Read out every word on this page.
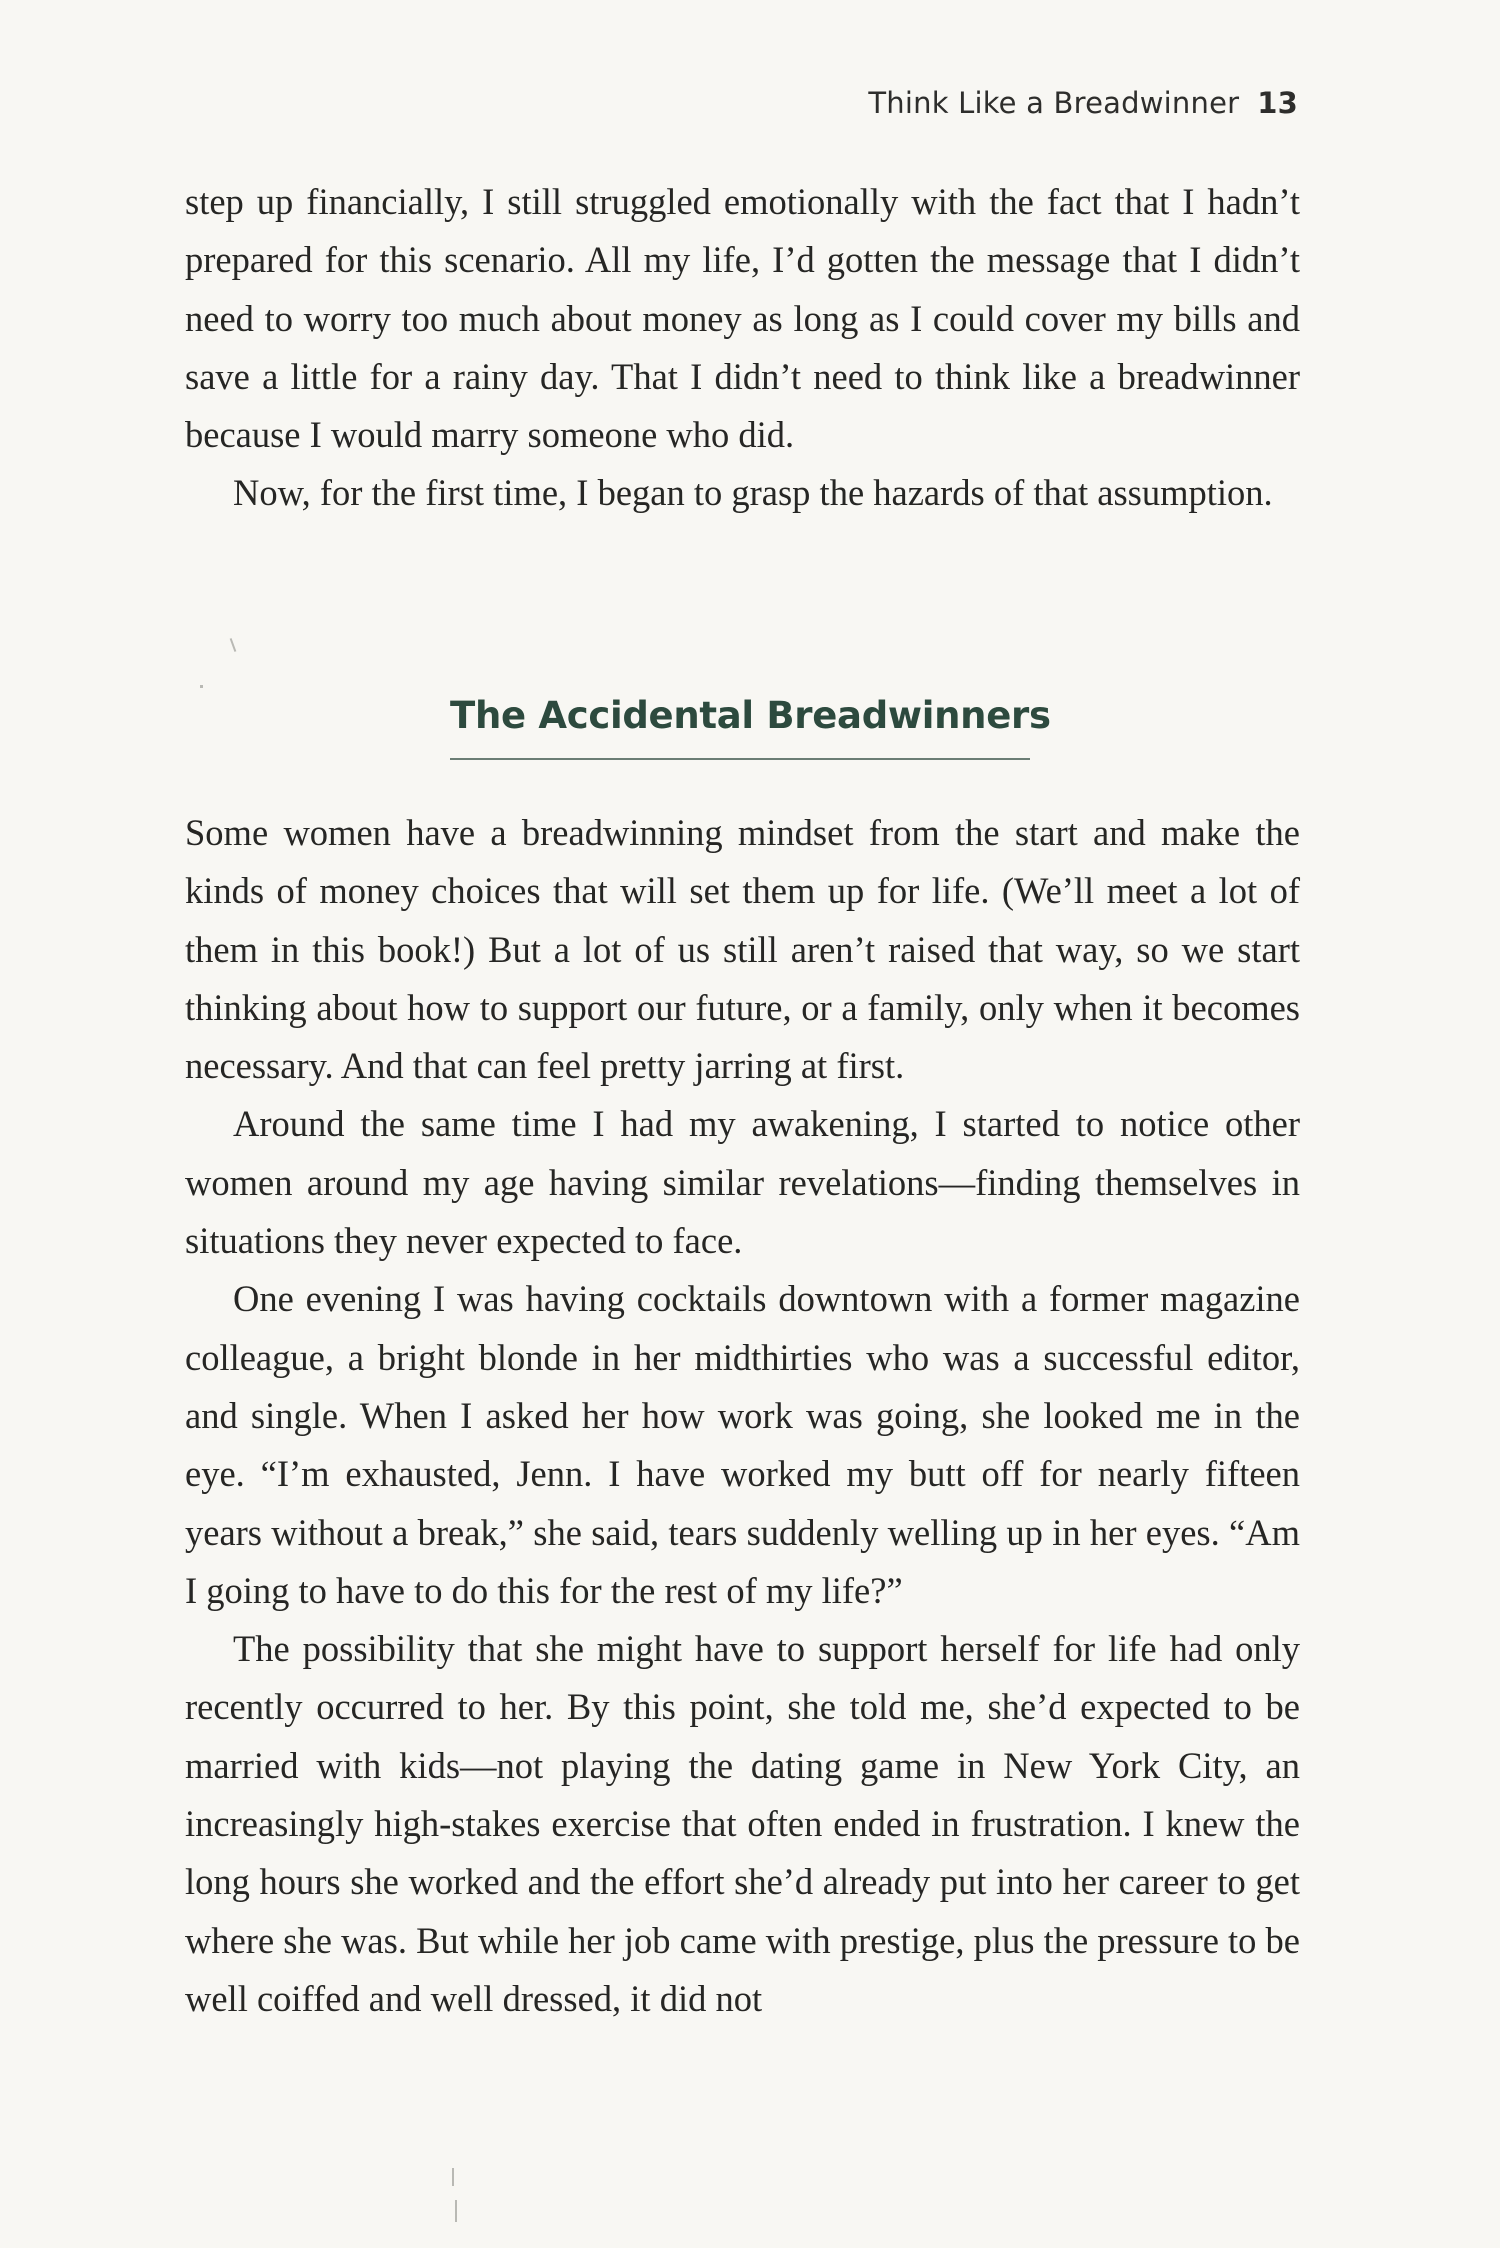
Think Like a Breadwinner 13

step up financially, I still struggled emotionally with the fact that I hadn’t prepared for this scenario. All my life, I’d gotten the message that I didn’t need to worry too much about money as long as I could cover my bills and save a little for a rainy day. That I didn’t need to think like a breadwinner because I would marry someone who did.

Now, for the first time, I began to grasp the hazards of that assumption.

The Accidental Breadwinners

Some women have a breadwinning mindset from the start and make the kinds of money choices that will set them up for life. (We’ll meet a lot of them in this book!) But a lot of us still aren’t raised that way, so we start thinking about how to support our future, or a family, only when it becomes necessary. And that can feel pretty jarring at first.

Around the same time I had my awakening, I started to notice other women around my age having similar revelations—finding themselves in situations they never expected to face.

One evening I was having cocktails downtown with a former magazine colleague, a bright blonde in her midthirties who was a successful editor, and single. When I asked her how work was going, she looked me in the eye. “I’m exhausted, Jenn. I have worked my butt off for nearly fifteen years without a break,” she said, tears suddenly welling up in her eyes. “Am I going to have to do this for the rest of my life?”

The possibility that she might have to support herself for life had only recently occurred to her. By this point, she told me, she’d expected to be married with kids—not playing the dating game in New York City, an increasingly high-stakes exercise that often ended in frustration. I knew the long hours she worked and the effort she’d already put into her career to get where she was. But while her job came with prestige, plus the pressure to be well coiffed and well dressed, it did not
